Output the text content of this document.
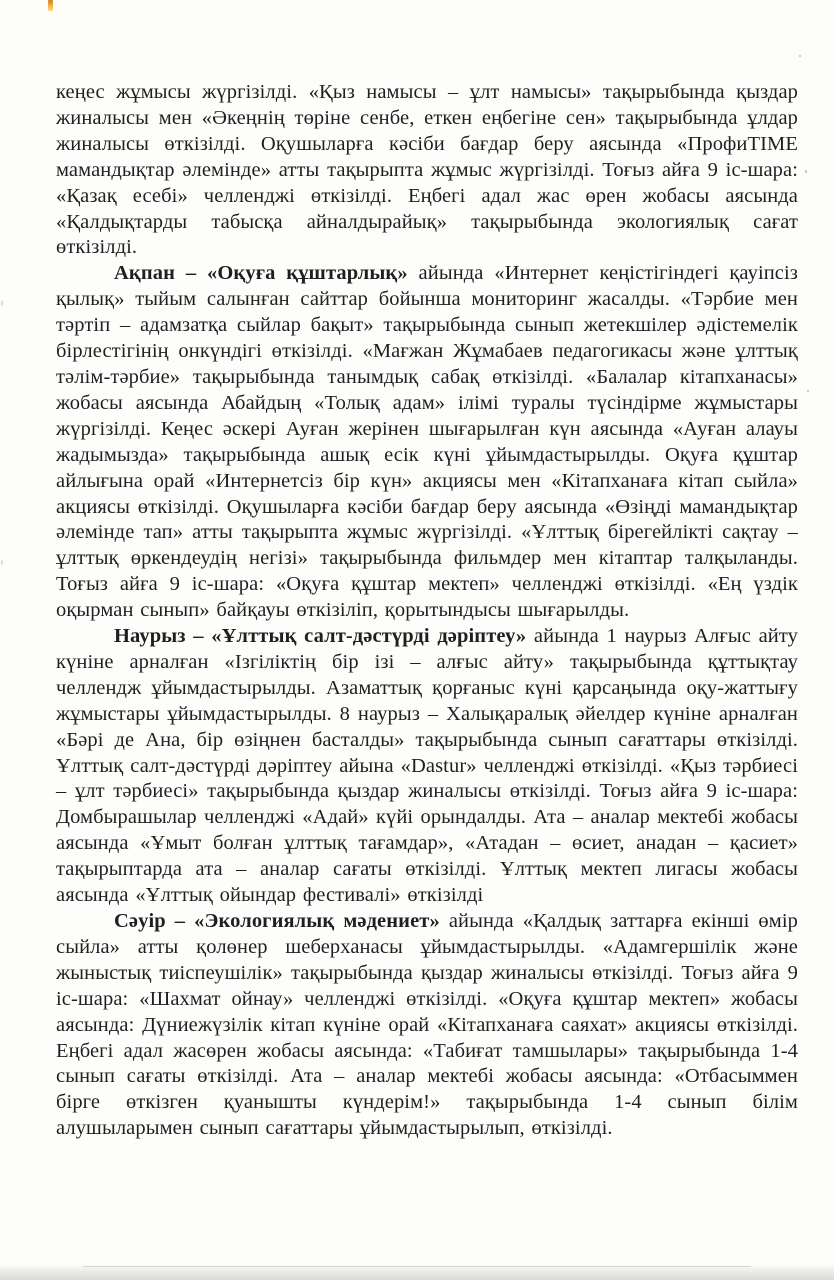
кеңес жұмысы жүргізілді. «Қыз намысы – ұлт намысы» тақырыбында қыздар жиналысы мен «Әкеңнің төріне сенбе, еткен еңбегіне сен» тақырыбында ұлдар жиналысы өткізілді. Оқушыларға кәсіби бағдар беру аясында «ПрофиTIME мамандықтар әлемінде» атты тақырыпта жұмыс жүргізілді. Тоғыз айға 9 іс-шара: «Қазақ есебі» челленджі өткізілді. Еңбегі адал жас өрен жобасы аясында «Қалдықтарды табысқа айналдырайық» тақырыбында экологиялық сағат өткізілді.

Ақпан – «Оқуға құштарлық» айында «Интернет кеңістігіндегі қауіпсіз қылық» тыйым салынған сайттар бойынша мониторинг жасалды. «Тәрбие мен тәртіп – адамзатқа сыйлар бақыт» тақырыбында сынып жетекшілер әдістемелік бірлестігінің онкүндігі өткізілді. «Мағжан Жұмабаев педагогикасы және ұлттық тәлім-тәрбие» тақырыбында танымдық сабақ өткізілді. «Балалар кітапханасы» жобасы аясында Абайдың «Толық адам» ілімі туралы түсіндірме жұмыстары жүргізілді. Кеңес әскері Ауған жерінен шығарылған күн аясында «Ауған алауы жадымызда» тақырыбында ашық есік күні ұйымдастырылды. Оқуға құштар айлығына орай «Интернетсіз бір күн» акциясы мен «Кітапханаға кітап сыйла» акциясы өткізілді. Оқушыларға кәсіби бағдар беру аясында «Өзіңді мамандықтар әлемінде тап» атты тақырыпта жұмыс жүргізілді. «Ұлттық бірегейлікті сақтау – ұлттық өркендеудің негізі» тақырыбында фильмдер мен кітаптар талқыланды. Тоғыз айға 9 іс-шара: «Оқуға құштар мектеп» челленджі өткізілді. «Ең үздік оқырман сынып» байқауы өткізіліп, қорытындысы шығарылды.

Наурыз – «Ұлттық салт-дәстүрді дәріптеу» айында 1 наурыз Алғыс айту күніне арналған «Ізгіліктің бір ізі – алғыс айту» тақырыбында құттықтау челлендж ұйымдастырылды. Азаматтық қорғаныс күні қарсаңында оқу-жаттығу жұмыстары ұйымдастырылды. 8 наурыз – Халықаралық әйелдер күніне арналған «Бәрі де Ана, бір өзіңнен басталды» тақырыбында сынып сағаттары өткізілді. Ұлттық салт-дәстүрді дәріптеу айына «Dastur» челленджі өткізілді. «Қыз тәрбиесі – ұлт тәрбиесі» тақырыбында қыздар жиналысы өткізілді. Тоғыз айға 9 іс-шара: Домбырашылар челленджі «Адай» күйі орындалды. Ата – аналар мектебі жобасы аясында «Ұмыт болған ұлттық тағамдар», «Атадан – өсиет, анадан – қасиет» тақырыптарда ата – аналар сағаты өткізілді. Ұлттық мектеп лигасы жобасы аясында «Ұлттық ойындар фестивалі» өткізілді

Сәуір – «Экологиялық мәдениет» айында «Қалдық заттарға екінші өмір сыйла» атты қолөнер шеберханасы ұйымдастырылды. «Адамгершілік және жыныстық тиіспеушілік» тақырыбында қыздар жиналысы өткізілді. Тоғыз айға 9 іс-шара: «Шахмат ойнау» челленджі өткізілді. «Оқуға құштар мектеп» жобасы аясында: Дүниежүзілік кітап күніне орай «Кітапханаға саяхат» акциясы өткізілді. Еңбегі адал жасөрен жобасы аясында: «Табиғат тамшылары» тақырыбында 1-4 сынып сағаты өткізілді. Ата – аналар мектебі жобасы аясында: «Отбасыммен бірге өткізген қуанышты күндерім!» тақырыбында 1-4 сынып білім алушыларымен сынып сағаттары ұйымдастырылып, өткізілді.
